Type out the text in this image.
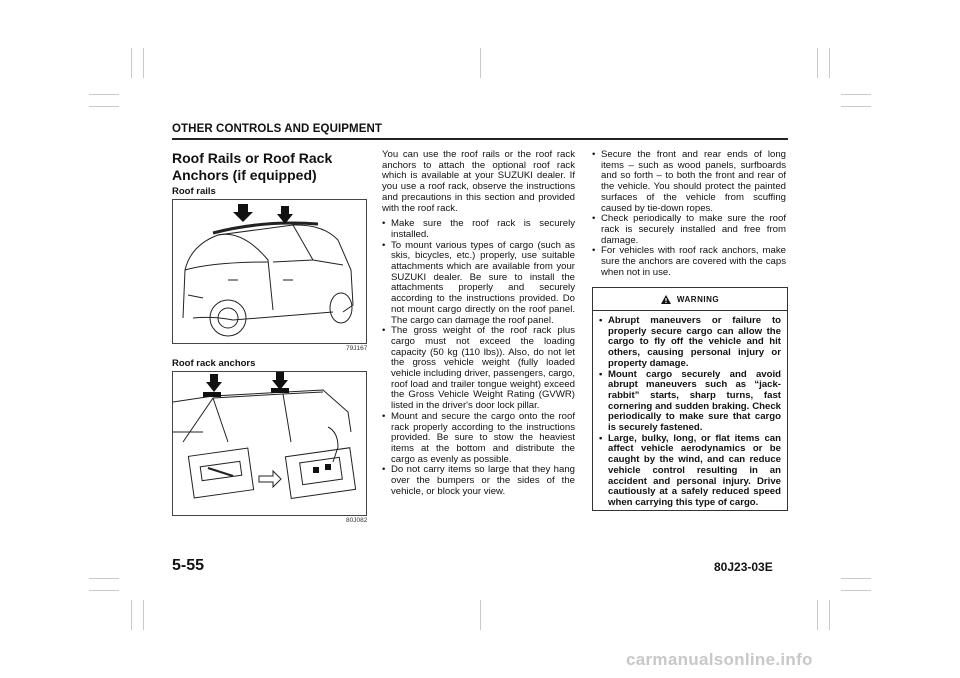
OTHER CONTROLS AND EQUIPMENT
Roof Rails or Roof Rack Anchors (if equipped)
Roof rails
79J167
Roof rack anchors
80J082

You can use the roof rails or the roof rack anchors to attach the optional roof rack which is available at your SUZUKI dealer. If you use a roof rack, observe the instructions and precautions in this section and provided with the roof rack.

• Make sure the roof rack is securely installed.
• To mount various types of cargo (such as skis, bicycles, etc.) properly, use suitable attachments which are available from your SUZUKI dealer. Be sure to install the attachments properly and securely according to the instructions provided. Do not mount cargo directly on the roof panel. The cargo can damage the roof panel.
• The gross weight of the roof rack plus cargo must not exceed the loading capacity (50 kg (110 lbs)). Also, do not let the gross vehicle weight (fully loaded vehicle including driver, passengers, cargo, roof load and trailer tongue weight) exceed the Gross Vehicle Weight Rating (GVWR) listed in the driver's door lock pillar.
• Mount and secure the cargo onto the roof rack properly according to the instructions provided. Be sure to stow the heaviest items at the bottom and distribute the cargo as evenly as possible.
• Do not carry items so large that they hang over the bumpers or the sides of the vehicle, or block your view.
• Secure the front and rear ends of long items – such as wood panels, surfboards and so forth – to both the front and rear of the vehicle. You should protect the painted surfaces of the vehicle from scuffing caused by tie-down ropes.
• Check periodically to make sure the roof rack is securely installed and free from damage.
• For vehicles with roof rack anchors, make sure the anchors are covered with the caps when not in use.
WARNING
• Abrupt maneuvers or failure to properly secure cargo can allow the cargo to fly off the vehicle and hit others, causing personal injury or property damage.
• Mount cargo securely and avoid abrupt maneuvers such as “jack-rabbit” starts, sharp turns, fast cornering and sudden braking. Check periodically to make sure that cargo is securely fastened.
• Large, bulky, long, or flat items can affect vehicle aerodynamics or be caught by the wind, and can reduce vehicle control resulting in an accident and personal injury. Drive cautiously at a safely reduced speed when carrying this type of cargo.
5-55	80J23-03E
carmanualsonline.info
